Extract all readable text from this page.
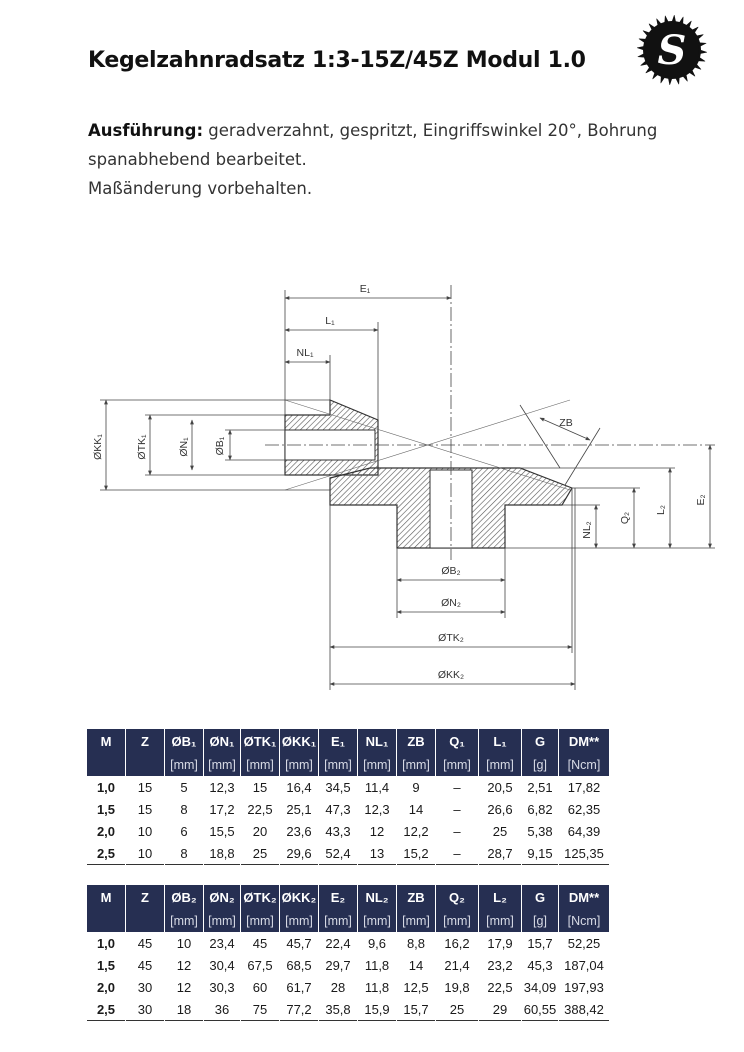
Kegelzahnradsatz 1:3-15Z/45Z Modul 1.0 S
Ausführung: geradverzahnt, gespritzt, Eingriffswinkel 20°, Bohrung
spanabhebend bearbeitet.
Maßänderung vorbehalten.
E₁
L₁
NL₁
ZB
ØKK₁	ØTK₁	ØN₁ ØB₁
Q₂
L₂
E₂
NL₂
ØB₂
ØN₂
ØTK₂
ØKK₂
M	Z	ØB₁	ØN₁	ØTK₁	ØKK₁	E₁	NL₁	ZB	Q₁	L₁	G	DM**
		[mm]	[mm]	[mm]	[mm]	[mm]	[mm]	[mm]	[mm]	[mm]	[g]	[Ncm]
1,0	15	5	12,3	15	16,4	34,5	11,4	9	–	20,5	2,51	17,82
1,5	15	8	17,2	22,5	25,1	47,3	12,3	14	–	26,6	6,82	62,35
2,0	10	6	15,5	20	23,6	43,3	12	12,2	–	25	5,38	64,39
2,5	10	8	18,8	25	29,6	52,4	13	15,2	–	28,7	9,15	125,35
M	Z	ØB₂	ØN₂	ØTK₂	ØKK₂	E₂	NL₂	ZB	Q₂	L₂	G	DM**
		[mm]	[mm]	[mm]	[mm]	[mm]	[mm]	[mm]	[mm]	[mm]	[g]	[Ncm]
1,0	45	10	23,4	45	45,7	22,4	9,6	8,8	16,2	17,9	15,7	52,25
1,5	45	12	30,4	67,5	68,5	29,7	11,8	14	21,4	23,2	45,3	187,04
2,0	30	12	30,3	60	61,7	28	11,8	12,5	19,8	22,5	34,09	197,93
2,5	30	18	36	75	77,2	35,8	15,9	15,7	25	29	60,55	388,42
